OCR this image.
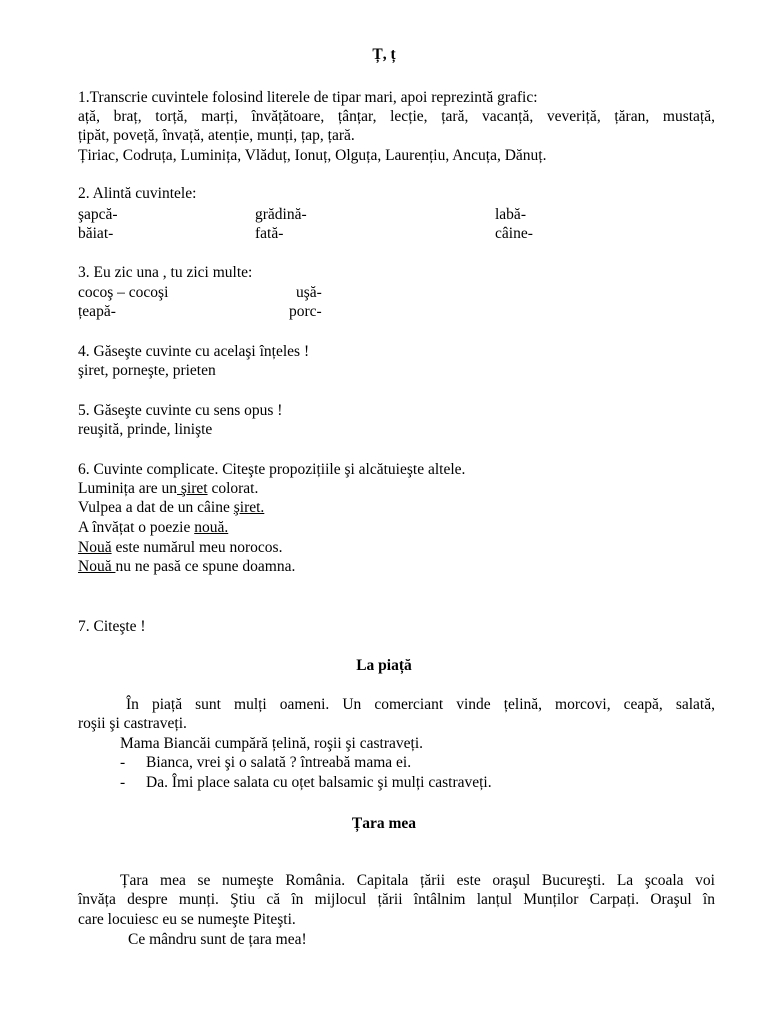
Ț, ț
1.Transcrie cuvintele folosind literele de tipar mari, apoi reprezintă grafic:
ață, braț, torță, marți, învățătoare, țânțar, lecție, țară, vacanță, veveriță, țăran, mustață,
țipăt, poveță, învață, atenție, munți, țap, țară.
Țiriac, Codruța, Luminița, Vlăduț, Ionuț, Olguța, Laurențiu, Ancuța, Dănuț.
2. Alintă cuvintele:
şapcă-	grădină-	labă-
băiat-	fată-	câine-
3. Eu zic una , tu zici multe:
cocoş – cocoşi	uşă-
țeapă-	porc-
4. Găseşte cuvinte cu acelaşi înțeles !
şiret, porneşte, prieten
5. Găseşte cuvinte cu sens opus !
reuşită, prinde, linişte
6. Cuvinte complicate. Citeşte propozițiile şi alcătuieşte altele.
Luminița are un şiret colorat.
Vulpea a dat de un câine şiret.
A învățat o poezie nouă.
Nouă este numărul meu norocos.
Nouă nu ne pasă ce spune doamna.
7. Citeşte !
La piață
În piață sunt mulți oameni. Un comerciant vinde țelină, morcovi, ceapă, salată,
roşii şi castraveți.
Mama Biancăi cumpără țelină, roşii şi castraveți.
- Bianca, vrei şi o salată ? întreabă mama ei.
- Da. Îmi place salata cu oțet balsamic şi mulți castraveți.
Țara mea
Țara mea se numeşte România. Capitala țării este oraşul Bucureşti. La şcoala voi
învăța despre munți. Ştiu că în mijlocul țării întâlnim lanțul Munților Carpați. Oraşul în
care locuiesc eu se numeşte Piteşti.
Ce mândru sunt de țara mea!
